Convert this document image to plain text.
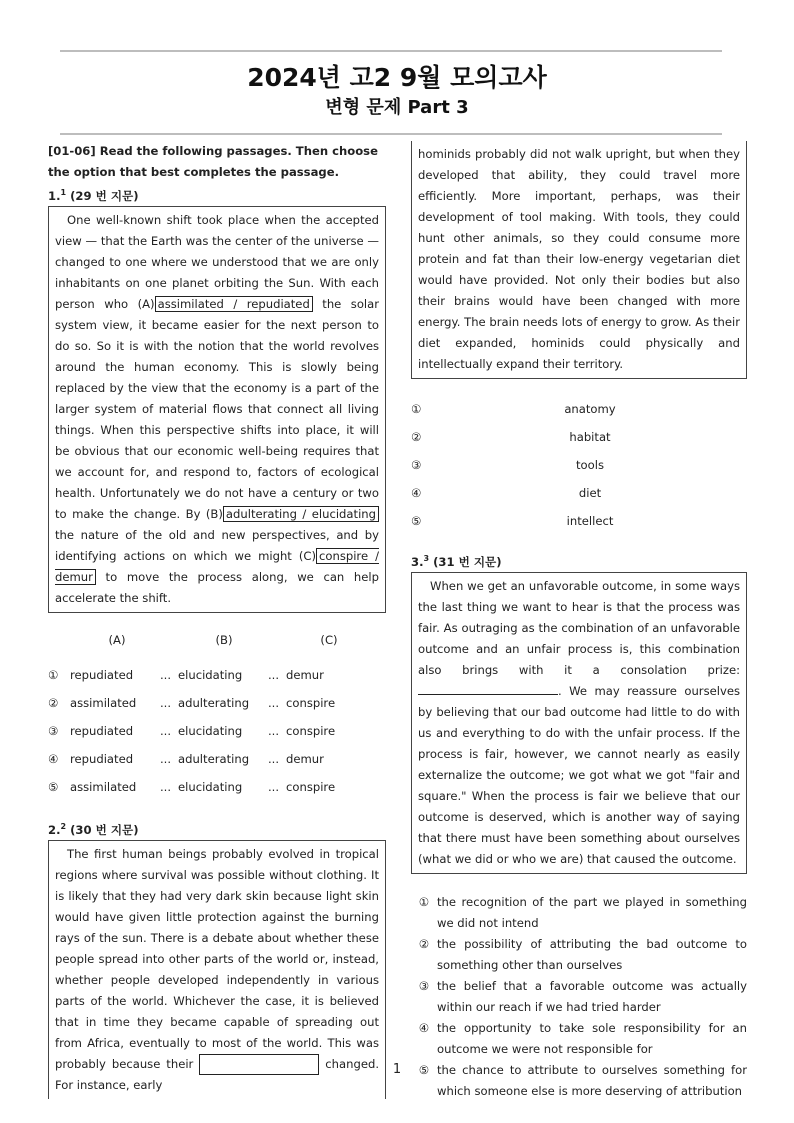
2024년 고2 9월 모의고사
변형 문제 Part 3
[01-06] Read the following passages. Then choose the option that best completes the passage.
1.$^1$ (29 번 지문)
One well-known shift took place when the accepted view — that the Earth was the center of the universe — changed to one where we understood that we are only inhabitants on one planet orbiting the Sun. With each person who (A) assimilated / repudiated the solar system view, it became easier for the next person to do so. So it is with the notion that the world revolves around the human economy. This is slowly being replaced by the view that the economy is a part of the larger system of material flows that connect all living things. When this perspective shifts into place, it will be obvious that our economic well-being requires that we account for, and respond to, factors of ecological health. Unfortunately we do not have a century or two to make the change. By (B) adulterating / elucidating the nature of the old and new perspectives, and by identifying actions on which we might (C) conspire / demur to move the process along, we can help accelerate the shift.
(A)	(B)	(C)
① repudiated	... elucidating	... demur
② assimilated	... adulterating	... conspire
③ repudiated	... elucidating	... conspire
④ repudiated	... adulterating	... demur
⑤ assimilated	... elucidating	... conspire
2.$^2$ (30 번 지문)
The first human beings probably evolved in tropical regions where survival was possible without clothing. It is likely that they had very dark skin because light skin would have given little protection against the burning rays of the sun. There is a debate about whether these people spread into other parts of the world or, instead, whether people developed independently in various parts of the world. Whichever the case, it is believed that in time they became capable of spreading out from Africa, eventually to most of the world. This was probably because their	changed. For instance, early
hominids probably did not walk upright, but when they developed that ability, they could travel more efficiently. More important, perhaps, was their development of tool making. With tools, they could hunt other animals, so they could consume more protein and fat than their low-energy vegetarian diet would have provided. Not only their bodies but also their brains would have been changed with more energy. The brain needs lots of energy to grow. As their diet expanded, hominids could physically and intellectually expand their territory.
①	anatomy
②	habitat
③	tools
④	diet
⑤	intellect
3.$^3$ (31 번 지문)
When we get an unfavorable outcome, in some ways the last thing we want to hear is that the process was fair. As outraging as the combination of an unfavorable outcome and an unfair process is, this combination also brings with it a consolation prize: . We may reassure ourselves by believing that our bad outcome had little to do with us and everything to do with the unfair process. If the process is fair, however, we cannot nearly as easily externalize the outcome; we got what we got "fair and square." When the process is fair we believe that our outcome is deserved, which is another way of saying that there must have been something about ourselves (what we did or who we are) that caused the outcome.
① the recognition of the part we played in something we did not intend
② the possibility of attributing the bad outcome to something other than ourselves
③ the belief that a favorable outcome was actually within our reach if we had tried harder
④ the opportunity to take sole responsibility for an outcome we were not responsible for
⑤ the chance to attribute to ourselves something for which someone else is more deserving of attribution
1
